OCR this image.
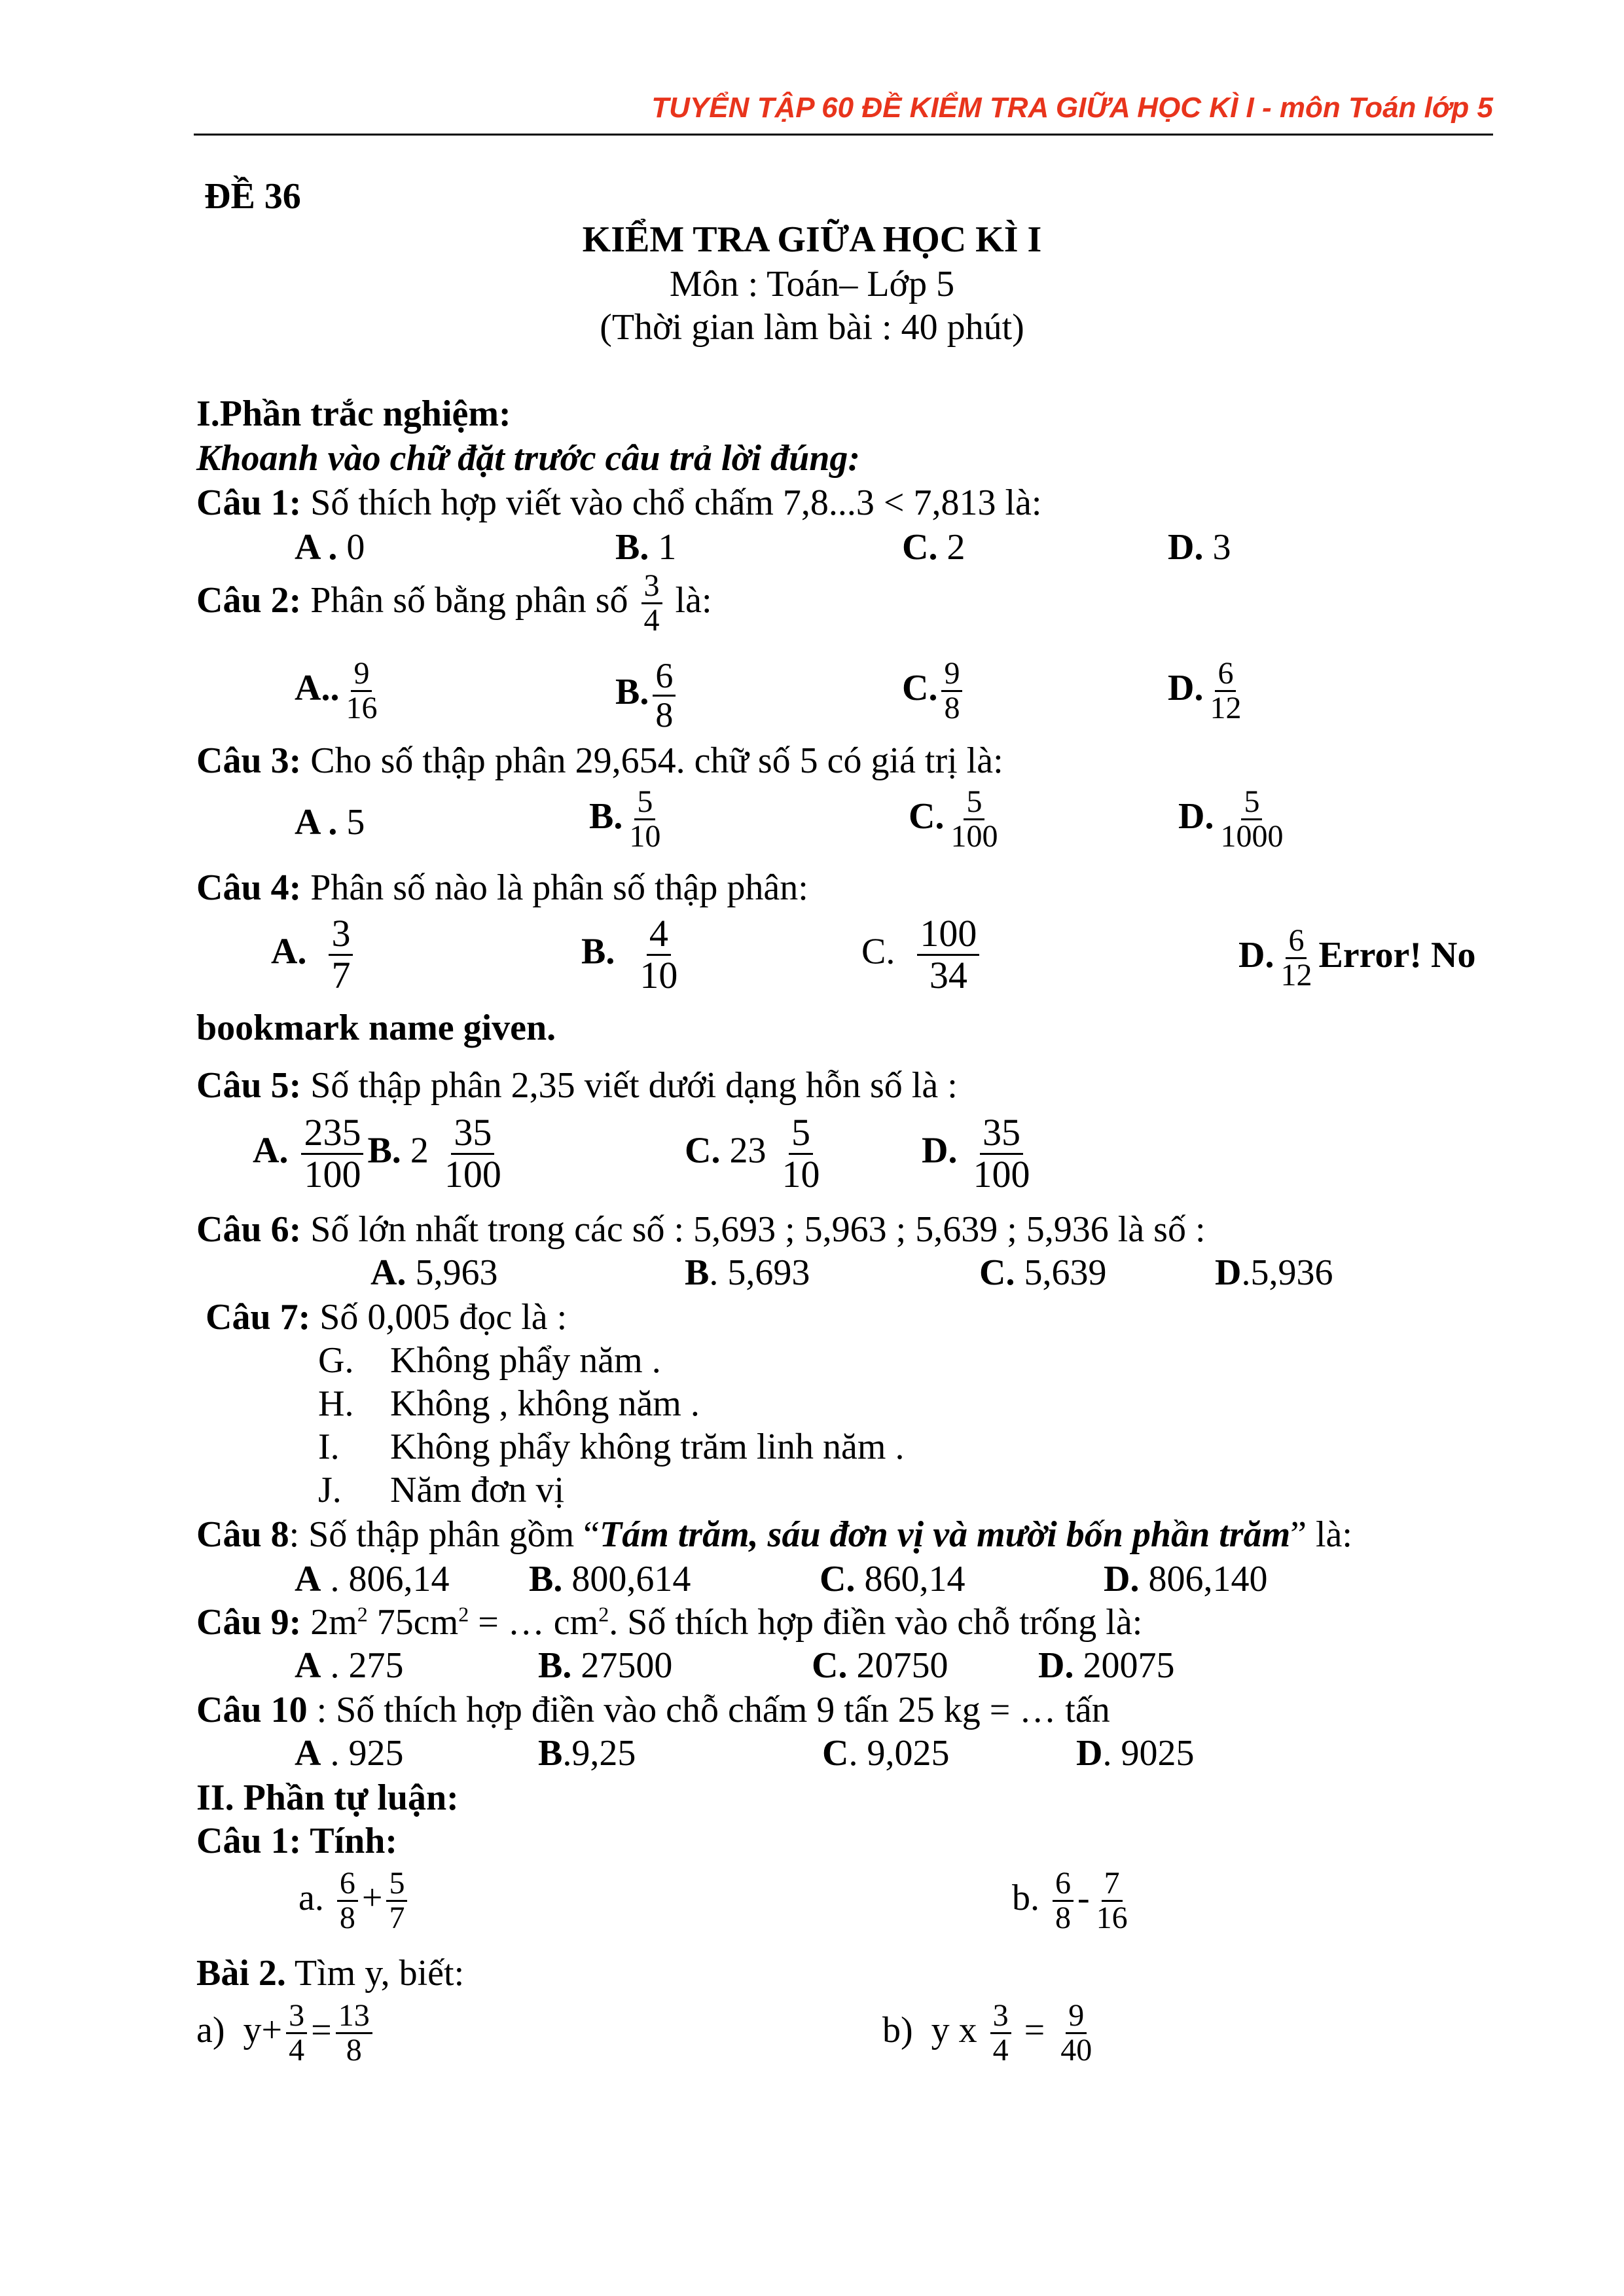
TUYỂN TẬP 60 ĐỀ KIỂM TRA GIỮA HỌC KÌ I - môn Toán lớp 5
ĐỀ 36
KIỂM TRA GIỮA HỌC KÌ I
Môn : Toán– Lớp 5
(Thời gian làm bài : 40 phút)
I.Phần trắc nghiệm:
Khoanh vào chữ đặt trước câu trả lời đúng:
Câu 1: Số thích hợp viết vào chổ chấm 7,8...3 < 7,813 là:
A . 0	B. 1	C. 2	D. 3
Câu 2: Phân số bằng phân số $\frac{3}{4}$ là:
A.. $\frac{9}{16}$	B. $\frac{6}{8}$	C. $\frac{9}{8}$	D. $\frac{6}{12}$
Câu 3: Cho số thập phân 29,654. chữ số 5 có giá trị là:
A . 5	B. $\frac{5}{10}$	C. $\frac{5}{100}$	D. $\frac{5}{1000}$
Câu 4: Phân số nào là phân số thập phân:
A. $\frac{3}{7}$	B. $\frac{4}{10}$	C. $\frac{100}{34}$	D. $\frac{6}{12}$ Error! No
bookmark name given.
Câu 5: Số thập phân 2,35 viết dưới dạng hỗn số là :
A. $\frac{235}{100} B$. $2 \frac{35}{100}$	C. $23 \frac{5}{10}$	D. $\frac{35}{100}$
Câu 6: Số lớn nhất trong các số : 5,693 ; 5,963 ; 5,639 ; 5,936 là số :
A. 5,963	B. 5,693	C. 5,639	D.5,936
Câu 7: Số 0,005 đọc là :
G. Không phẩy năm .
H. Không , không năm .
I. Không phẩy không trăm linh năm .
J. Năm đơn vị
Câu 8: Số thập phân gồm “Tám trăm, sáu đơn vị và mười bốn phần trăm” là:
A . 806,14 B. 800,614	C. 860,14	D. 806,140
Câu 9: $2m^2$ $75cm^2$ = … $cm^2$. Số thích hợp điền vào chỗ trống là:
A . 275	B. 27500	C. 20750 D. 20075
Câu 10 : Số thích hợp điền vào chỗ chấm 9 tấn 25 kg = … tấn
A . 925	B.9,25	C. 9,025	D. 9025
II. Phần tự luận:
Câu 1: Tính:
a. $\frac{6}{8} + \frac{5}{7}$	b. $\frac{6}{8} - \frac{7}{16}$
Bài 2. Tìm y, biết:
a) $y+ \frac{3}{4} = \frac{13}{8}$	b) y x $\frac{3}{4} = \frac{9}{40}$
